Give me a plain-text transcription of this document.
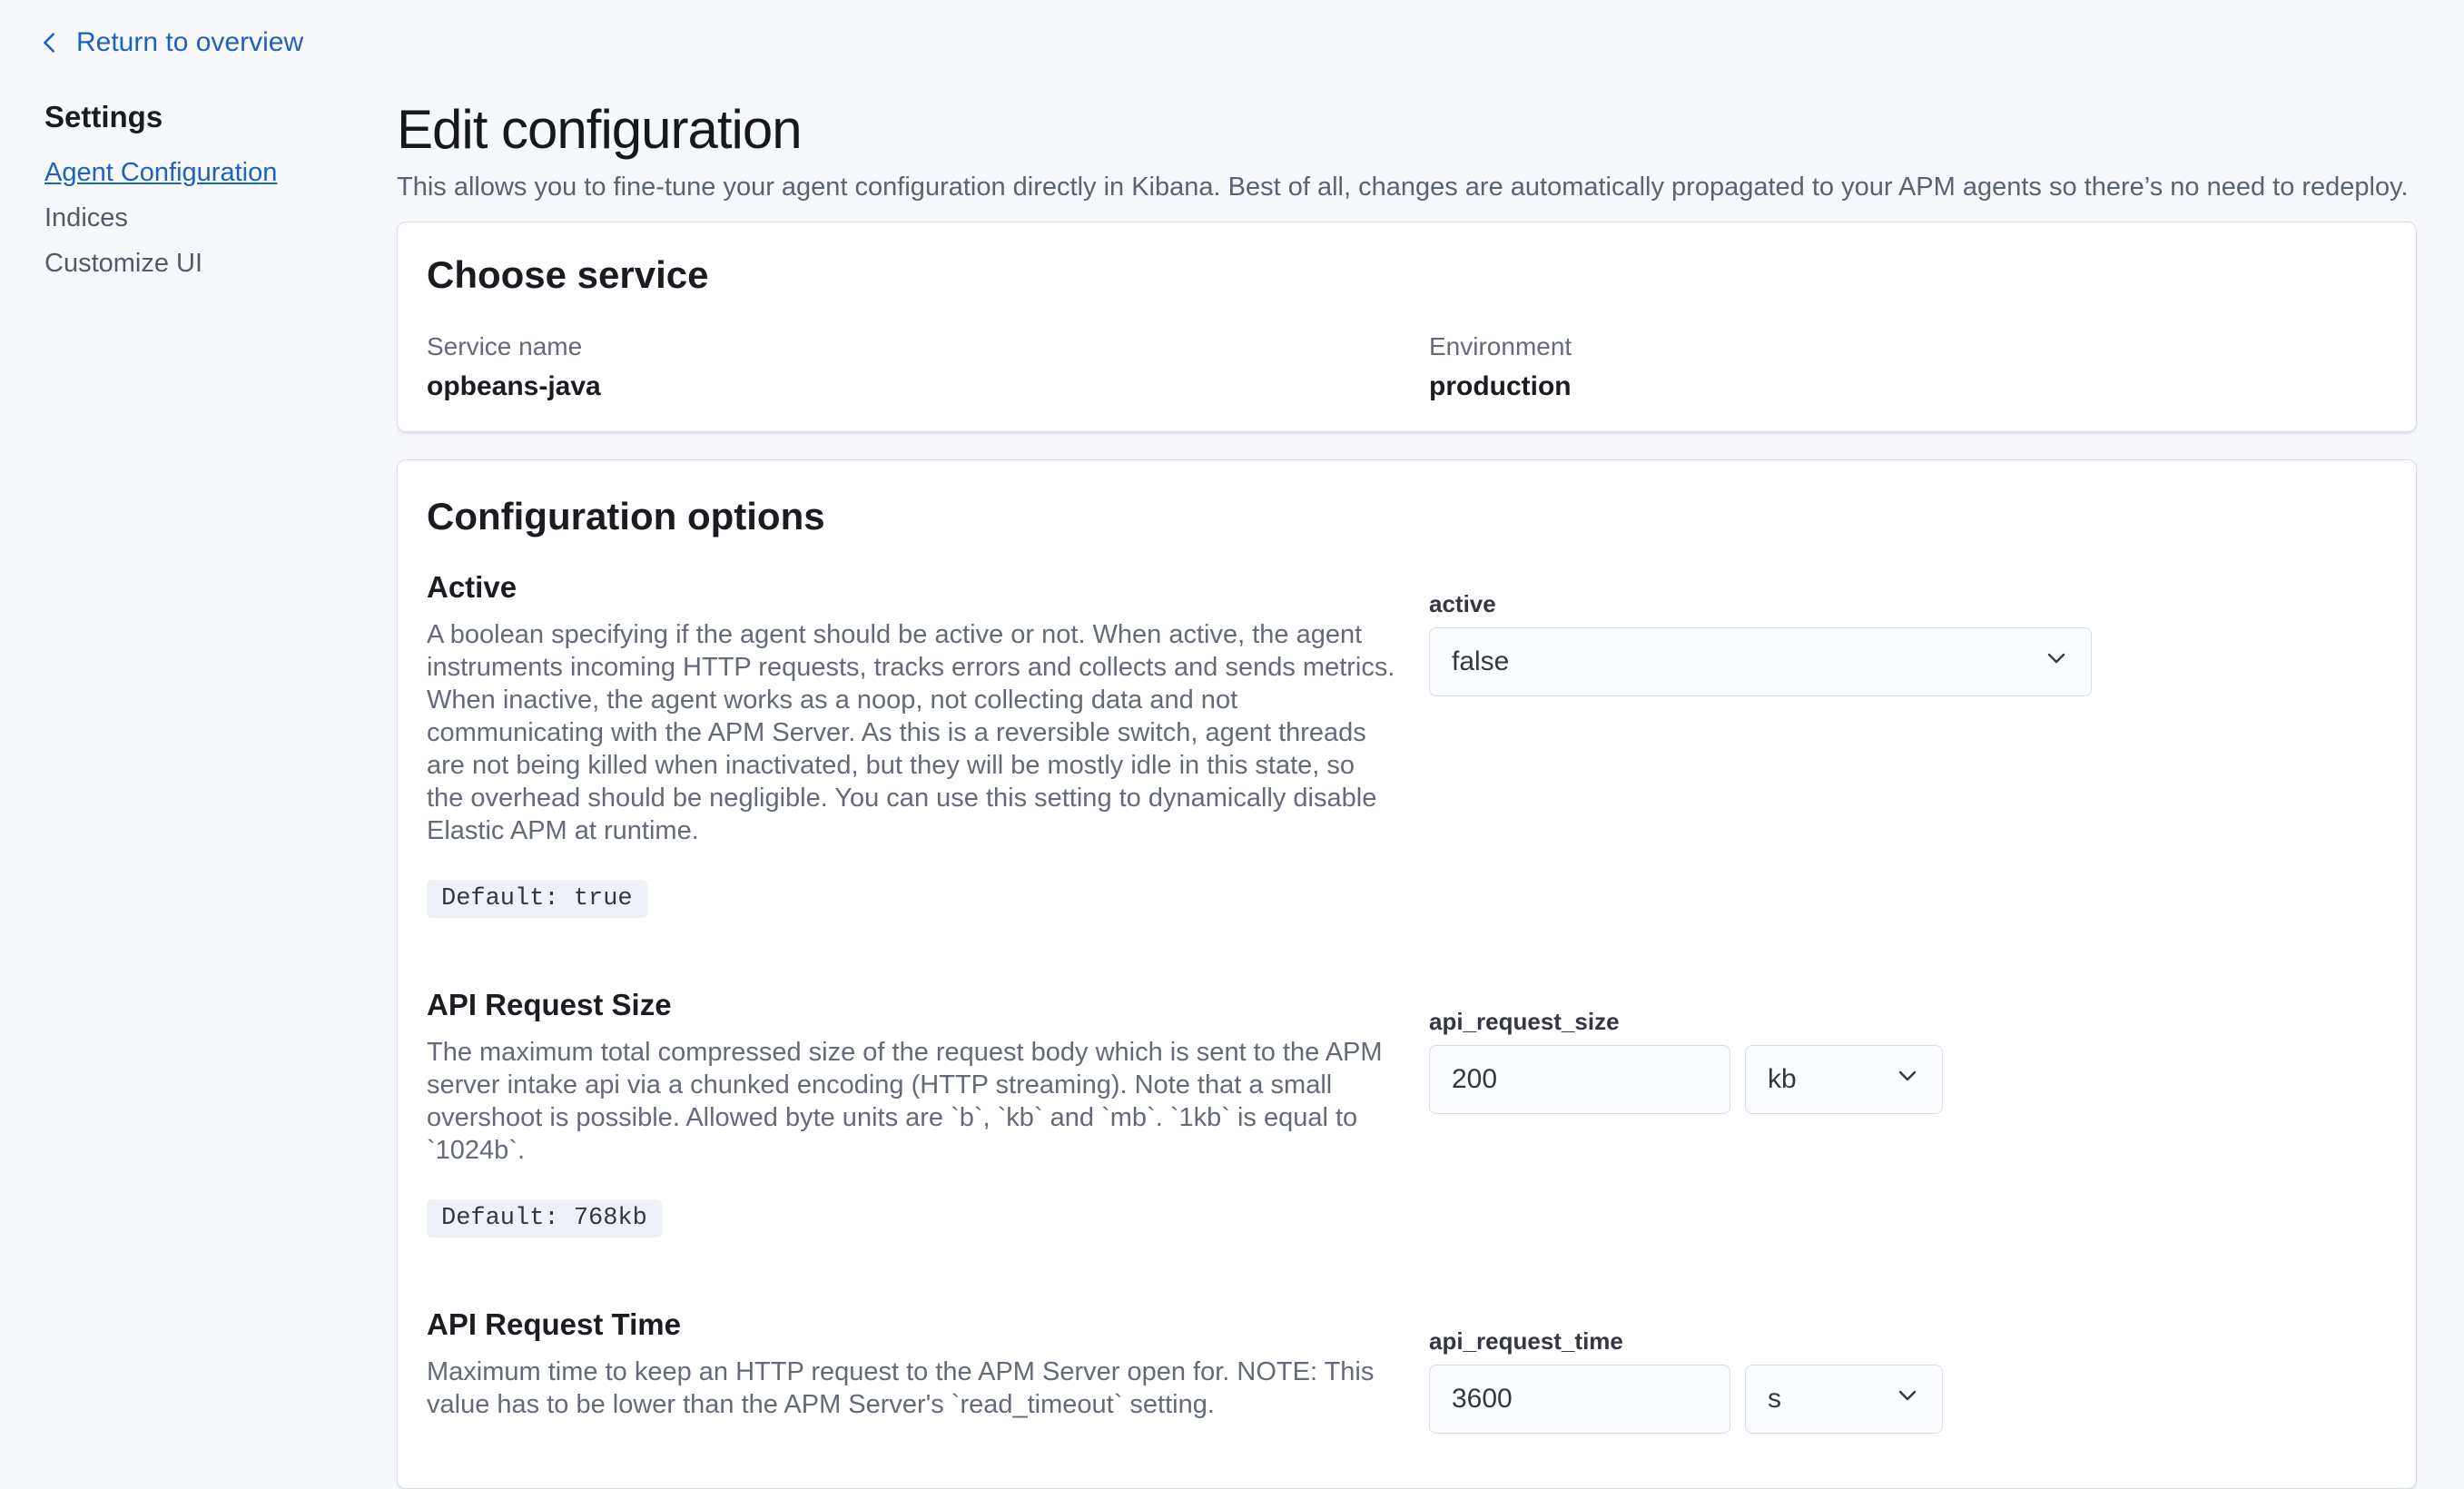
Return to overview
Settings
Agent Configuration
Indices
Customize UI
Edit configuration

This allows you to fine-tune your agent configuration directly in Kibana. Best of all, changes are automatically propagated to your APM agents so there’s no need to redeploy.

Choose service
Service name
opbeans-java
Environment
production
Configuration options
Active

A boolean specifying if the agent should be active or not. When active, the agent instruments incoming HTTP requests, tracks errors and collects and sends metrics. When inactive, the agent works as a noop, not collecting data and not communicating with the APM Server. As this is a reversible switch, agent threads are not being killed when inactivated, but they will be mostly idle in this state, so the overhead should be negligible. You can use this setting to dynamically disable Elastic APM at runtime.

Default: true
active
false
API Request Size

The maximum total compressed size of the request body which is sent to the APM server intake api via a chunked encoding (HTTP streaming). Note that a small overshoot is possible. Allowed byte units are `b`, `kb` and `mb`. `1kb` is equal to `1024b`.

Default: 768kb
api_request_size
200
kb
API Request Time

Maximum time to keep an HTTP request to the APM Server open for. NOTE: This value has to be lower than the APM Server's `read_timeout` setting.

api_request_time
3600
s
